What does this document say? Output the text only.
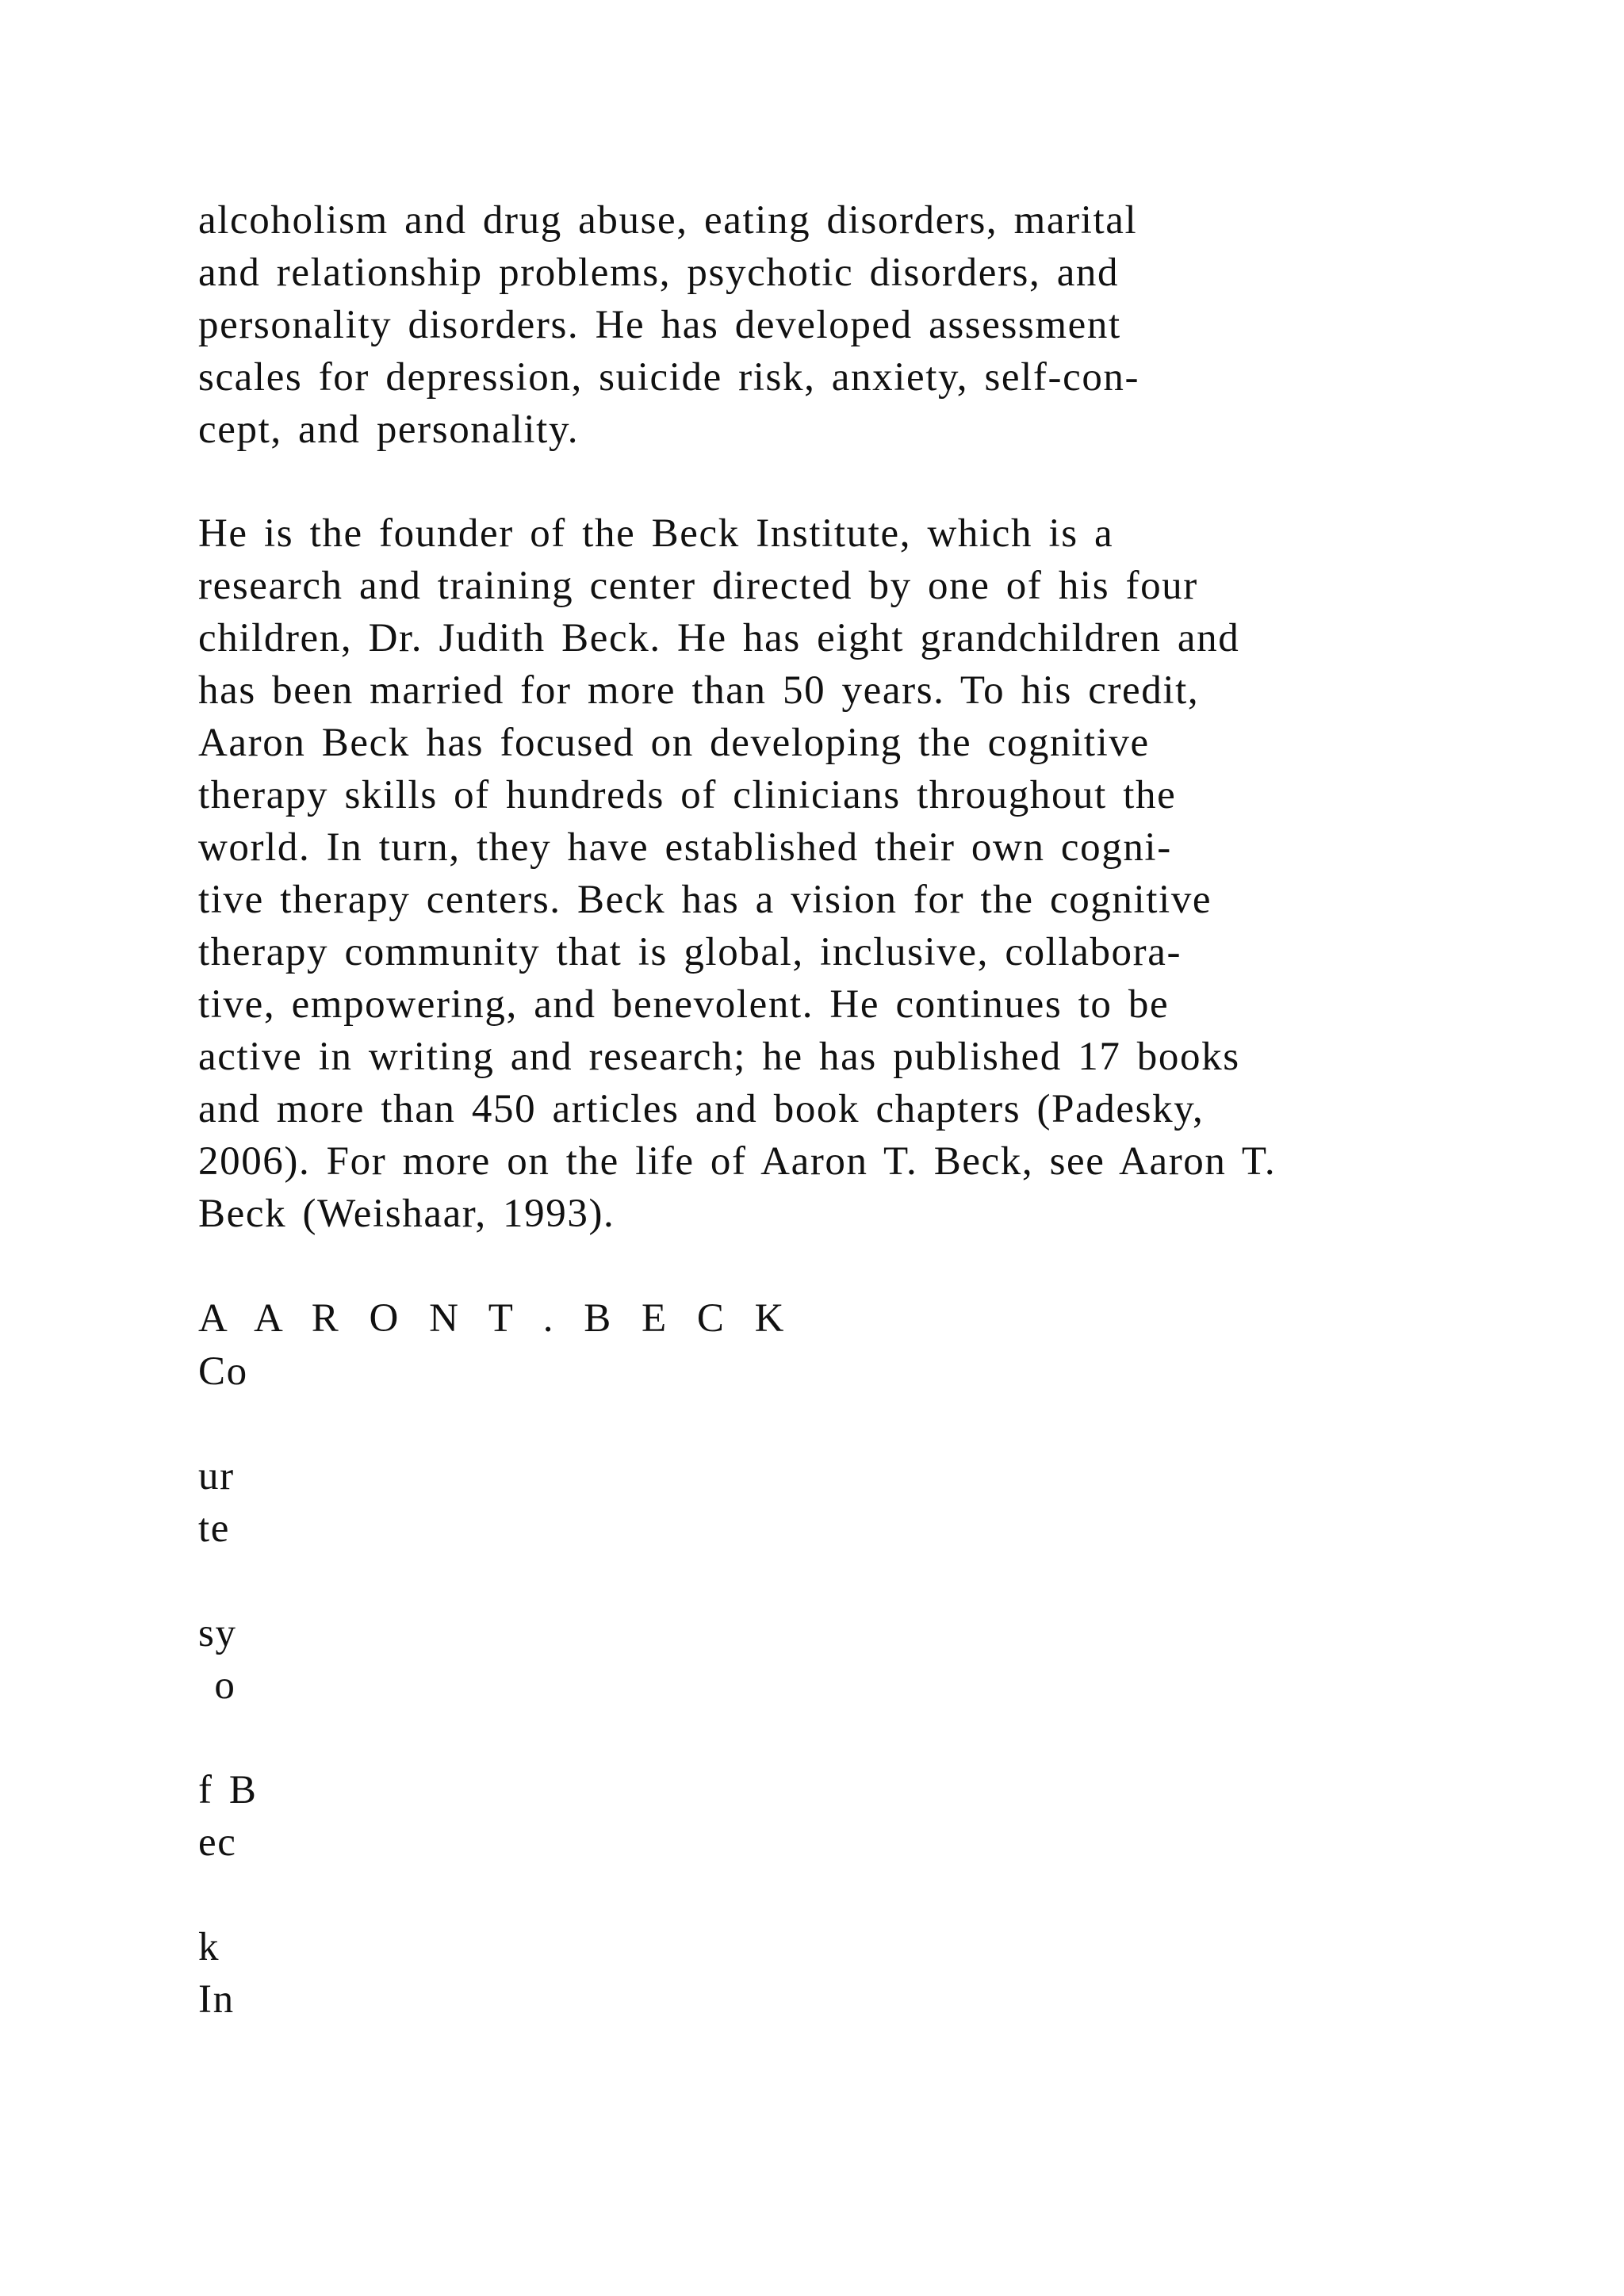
alcoholism and drug abuse, eating disorders, marital
and relationship problems, psychotic disorders, and
personality disorders. He has developed assessment
scales for depression, suicide risk, anxiety, self-con-
cept, and personality.
He is the founder of the Beck Institute, which is a
research and training center directed by one of his four
children, Dr. Judith Beck. He has eight grandchildren and
has been married for more than 50 years. To his credit,
Aaron Beck has focused on developing the cognitive
therapy skills of hundreds of clinicians throughout the
world. In turn, they have established their own cogni-
tive therapy centers. Beck has a vision for the cognitive
therapy community that is global, inclusive, collabora-
tive, empowering, and benevolent. He continues to be
active in writing and research; he has published 17 books
and more than 450 articles and book chapters (Padesky,
2006). For more on the life of Aaron T. Beck, see Aaron T.
Beck (Weishaar, 1993).
A A R O N T . B E C K
Co
ur
te
sy
o
f B
ec
k
In
